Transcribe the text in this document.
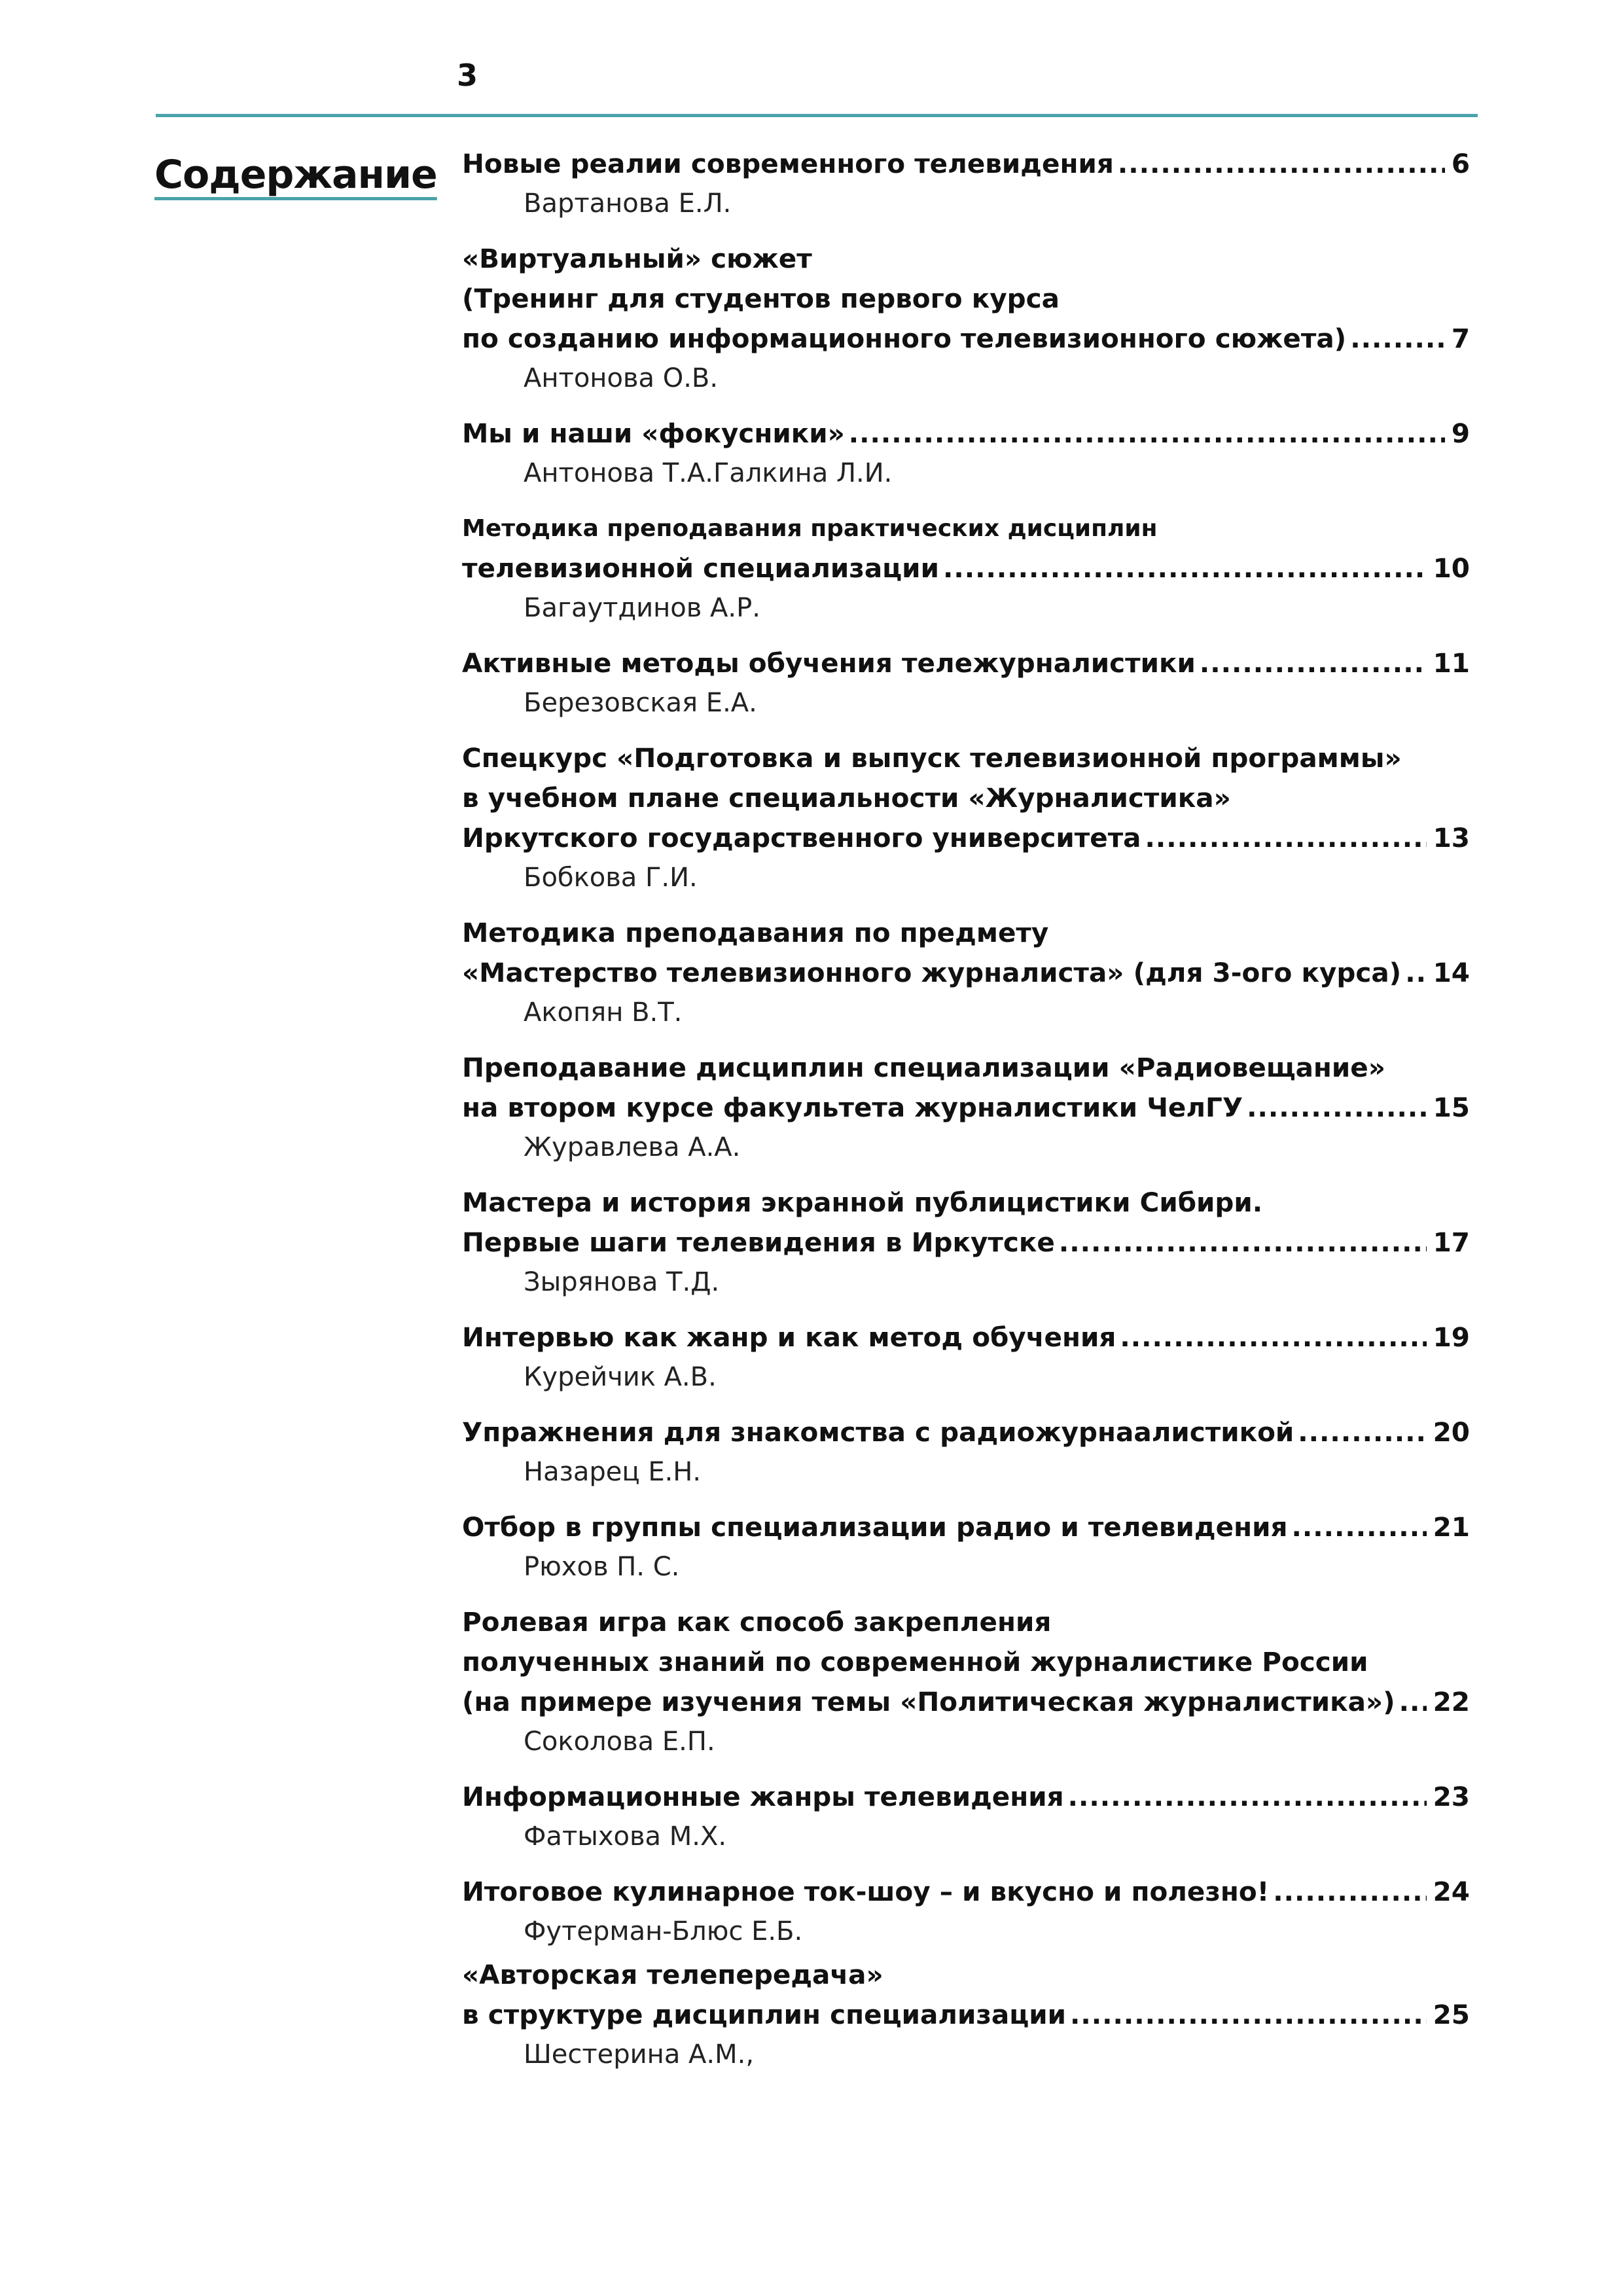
3
Содержание Новые реалии современного телевидения .....	6
Вартанова Е.Л.
«Виртуальный» сюжет
(Тренинг для студентов первого курса
по созданию информационного телевизионного сюжета) .....	7
Антонова О.В.
Мы и наши «фокусники» .....	9
Антонова Т.А.Галкина Л.И.
Методика преподавания практических дисциплин
телевизионной специализации .....	10
Багаутдинов А.Р.
Активные методы обучения тележурналистики .....	11
Березовская Е.А.
Спецкурс «Подготовка и выпуск телевизионной программы»
в учебном плане специальности «Журналистика»
Иркутского государственного университета .....	13
Бобкова Г.И.
Методика преподавания по предмету
«Мастерство телевизионного журналиста» (для 3-ого курса) ..... 14
Акопян В.Т.
Преподавание дисциплин специализации «Радиовещание»
на втором курсе факультета журналистики ЧелГУ .....	15
Журавлева А.А.
Мастера и история экранной публицистики Сибири.
Первые шаги телевидения в Иркутске .....	17
Зырянова Т.Д.
Интервью как жанр и как метод обучения .....	19
Курейчик А.В.
Упражнения для знакомства с радиожурнаалистикой .....	20
Назарец Е.Н.
Отбор в группы специализации радио и телевидения .....	21
Рюхов П. С.
Ролевая игра как способ закрепления
полученных знаний по современной журналистике России
(на примере изучения темы «Политическая журналистика») ..... 22
Соколова Е.П.
Информационные жанры телевидения .....	23
Фатыхова М.Х.
Итоговое кулинарное ток-шоу – и вкусно и полезно! .....	24
Футерман-Блюс Е.Б.
«Авторская телепередача»
в структуре дисциплин специализации .....	25
Шестерина А.М.,
